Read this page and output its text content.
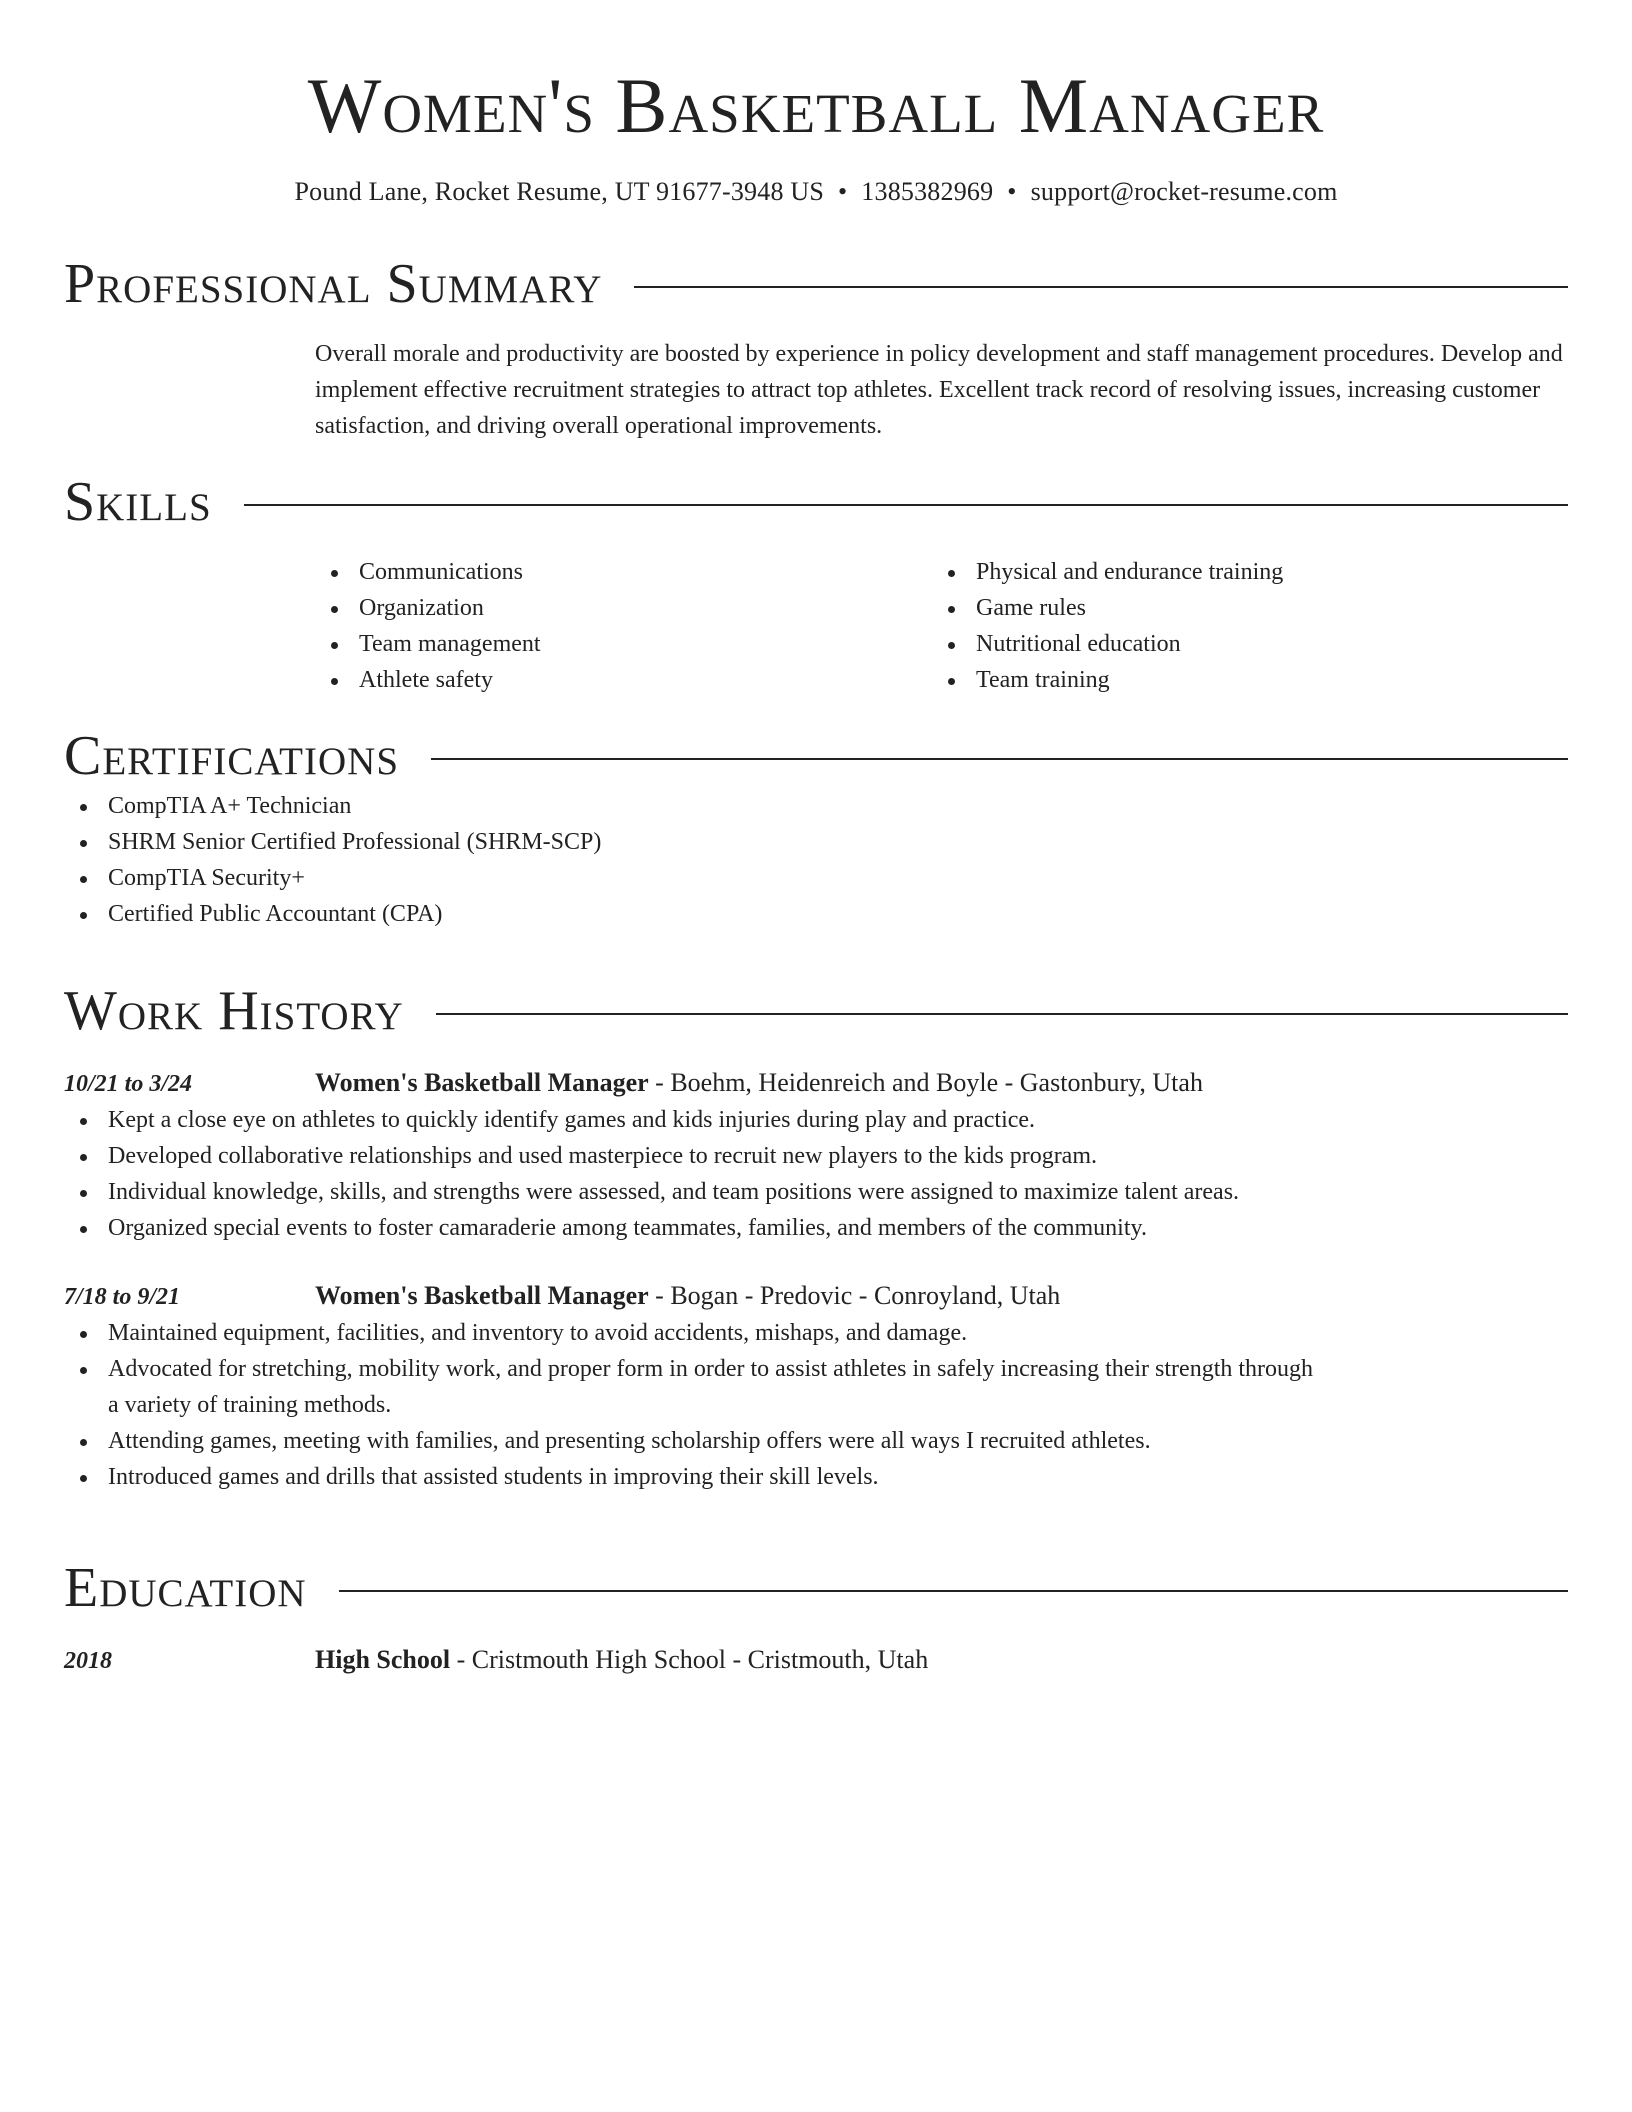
Women's Basketball Manager
Pound Lane, Rocket Resume, UT 91677-3948 US • 1385382969 • support@rocket-resume.com
Professional Summary
Overall morale and productivity are boosted by experience in policy development and staff management procedures. Develop and implement effective recruitment strategies to attract top athletes. Excellent track record of resolving issues, increasing customer satisfaction, and driving overall operational improvements.
Skills
Communications
Organization
Team management
Athlete safety
Physical and endurance training
Game rules
Nutritional education
Team training
Certifications
CompTIA A+ Technician
SHRM Senior Certified Professional (SHRM-SCP)
CompTIA Security+
Certified Public Accountant (CPA)
Work History
10/21 to 3/24	Women's Basketball Manager - Boehm, Heidenreich and Boyle - Gastonbury, Utah
Kept a close eye on athletes to quickly identify games and kids injuries during play and practice.
Developed collaborative relationships and used masterpiece to recruit new players to the kids program.
Individual knowledge, skills, and strengths were assessed, and team positions were assigned to maximize talent areas.
Organized special events to foster camaraderie among teammates, families, and members of the community.
7/18 to 9/21	Women's Basketball Manager - Bogan - Predovic - Conroyland, Utah
Maintained equipment, facilities, and inventory to avoid accidents, mishaps, and damage.
Advocated for stretching, mobility work, and proper form in order to assist athletes in safely increasing their strength through a variety of training methods.
Attending games, meeting with families, and presenting scholarship offers were all ways I recruited athletes.
Introduced games and drills that assisted students in improving their skill levels.
Education
2018	High School - Cristmouth High School - Cristmouth, Utah
